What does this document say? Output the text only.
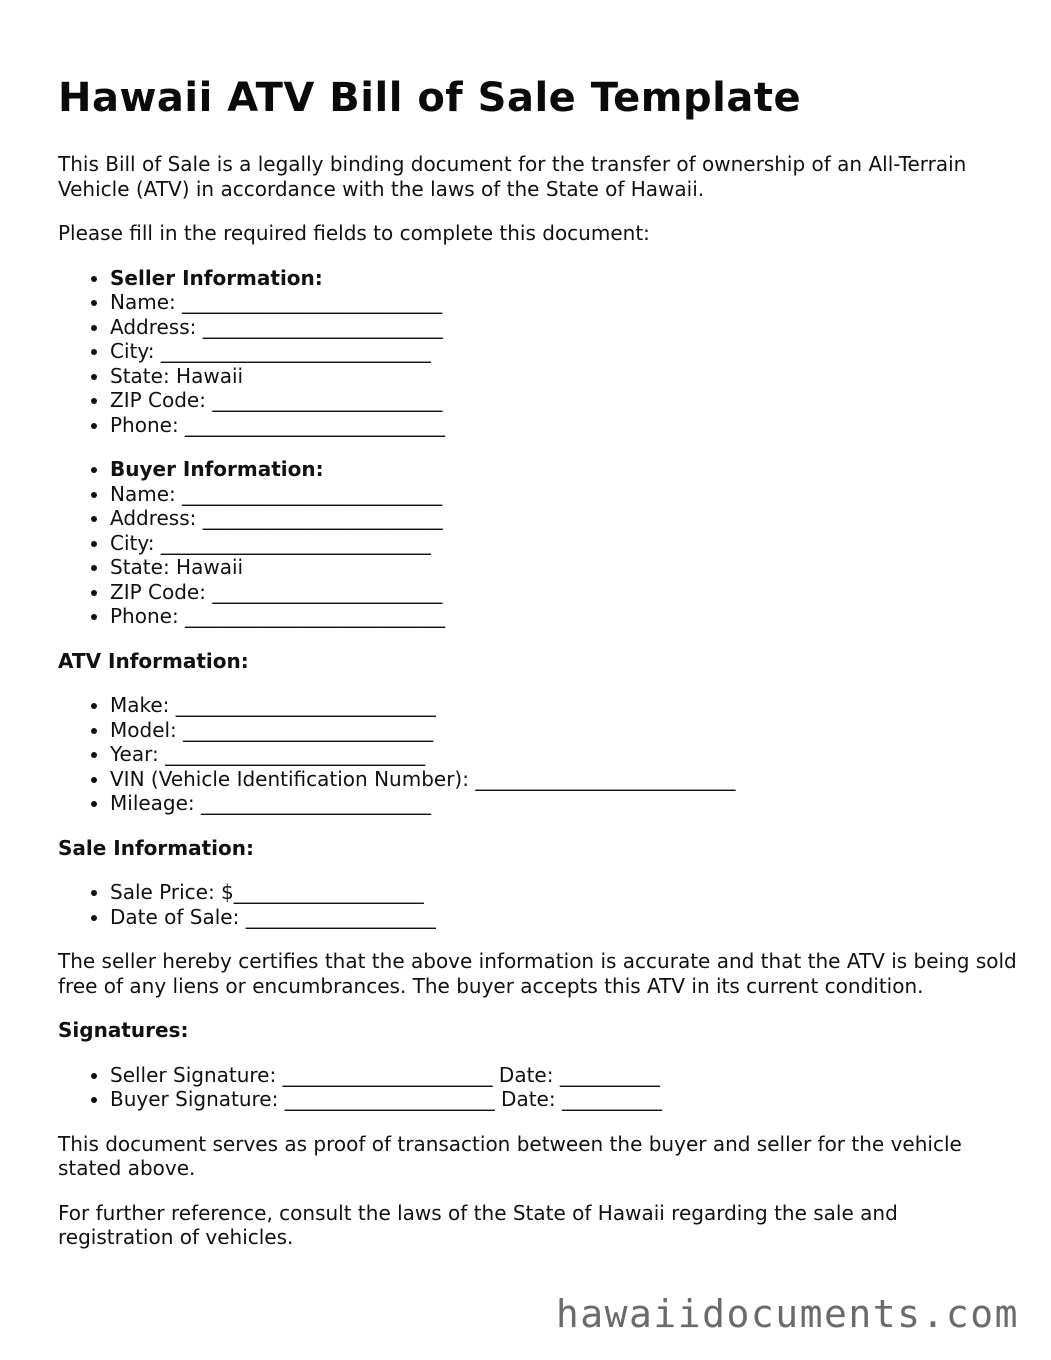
Hawaii ATV Bill of Sale Template

This Bill of Sale is a legally binding document for the transfer of ownership of an All-Terrain Vehicle (ATV) in accordance with the laws of the State of Hawaii.

Please fill in the required fields to complete this document:

• Seller Information:
• Name: __________________________
• Address: ________________________
• City: ___________________________
• State: Hawaii
• ZIP Code: _______________________
• Phone: __________________________
• Buyer Information:
• Name: __________________________
• Address: ________________________
• City: ___________________________
• State: Hawaii
• ZIP Code: _______________________
• Phone: __________________________

ATV Information:

• Make: __________________________
• Model: _________________________
• Year: __________________________
• VIN (Vehicle Identification Number): __________________________
• Mileage: _______________________

Sale Information:

• Sale Price: $___________________
• Date of Sale: ___________________

The seller hereby certifies that the above information is accurate and that the ATV is being sold free of any liens or encumbrances. The buyer accepts this ATV in its current condition.

Signatures:

• Seller Signature: _____________________ Date: __________
• Buyer Signature: _____________________ Date: __________

This document serves as proof of transaction between the buyer and seller for the vehicle stated above.

For further reference, consult the laws of the State of Hawaii regarding the sale and registration of vehicles.

hawaiidocuments.com
